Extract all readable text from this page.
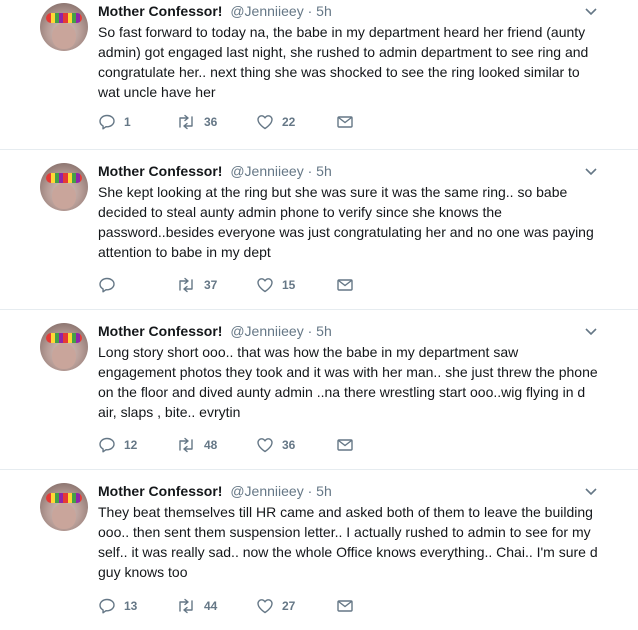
Mother Confessor! @Jenniieey · 5h
So fast forward to today na, the babe in my department heard her friend (aunty
admin) got engaged last night, she rushed to admin department to see ring and
congratulate her.. next thing she was shocked to see the ring looked similar to
wat uncle have her
1	36	22
Mother Confessor! @Jenniieey · 5h
She kept looking at the ring but she was sure it was the same ring.. so babe
decided to steal aunty admin phone to verify since she knows the
password..besides everyone was just congratulating her and no one was paying
attention to babe in my dept
37	15
Mother Confessor! @Jenniieey · 5h
Long story short ooo.. that was how the babe in my department saw
engagement photos they took and it was with her man.. she just threw the phone
on the floor and dived aunty admin ..na there wrestling start ooo..wig flying in d
air, slaps , bite.. evrytin
12	48	36
Mother Confessor! @Jenniieey · 5h
They beat themselves till HR came and asked both of them to leave the building
ooo.. then sent them suspension letter.. I actually rushed to admin to see for my
self.. it was really sad.. now the whole Office knows everything.. Chai.. I'm sure d
guy knows too
13	44	27
